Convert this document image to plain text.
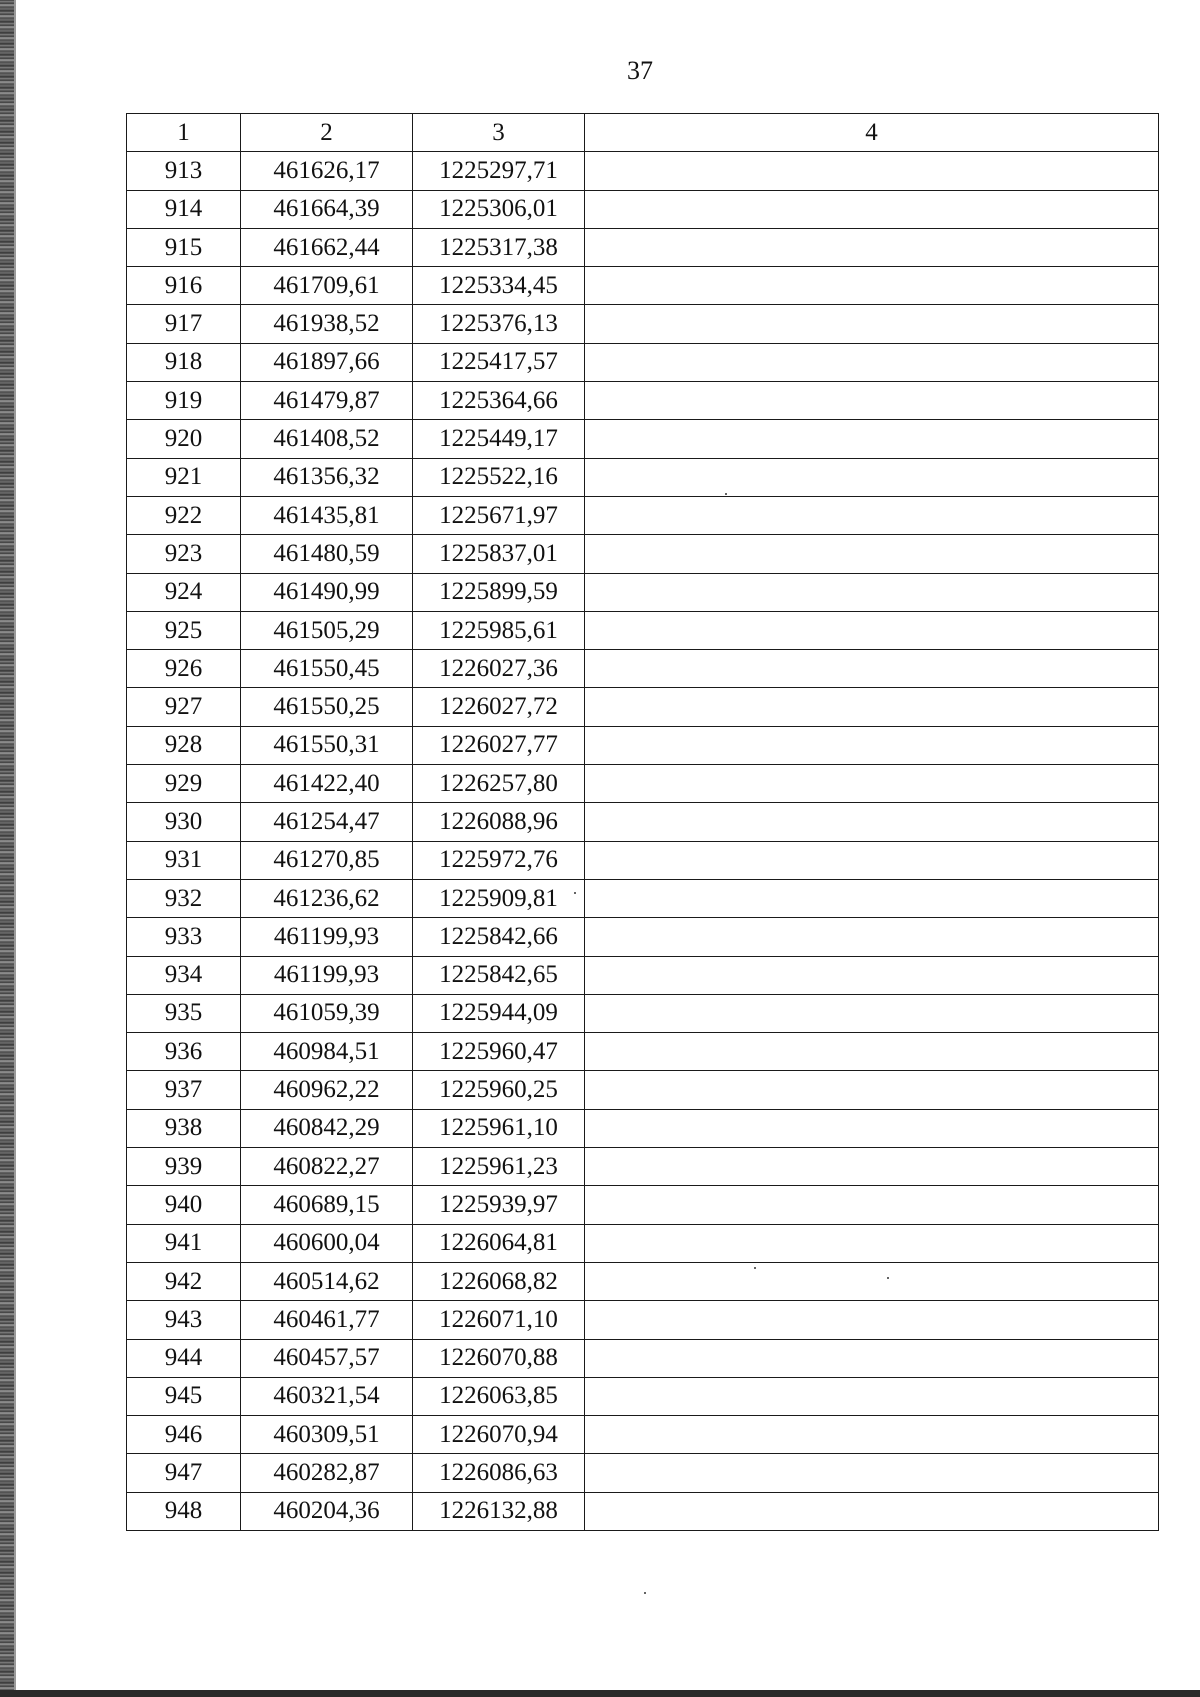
37
1	2	3	4
913	461626,17	1225297,71	
914	461664,39	1225306,01	
915	461662,44	1225317,38	
916	461709,61	1225334,45	
917	461938,52	1225376,13	
918	461897,66	1225417,57	
919	461479,87	1225364,66	
920	461408,52	1225449,17	
921	461356,32	1225522,16	
922	461435,81	1225671,97	
923	461480,59	1225837,01	
924	461490,99	1225899,59	
925	461505,29	1225985,61	
926	461550,45	1226027,36	
927	461550,25	1226027,72	
928	461550,31	1226027,77	
929	461422,40	1226257,80	
930	461254,47	1226088,96	
931	461270,85	1225972,76	
932	461236,62	1225909,81	
933	461199,93	1225842,66	
934	461199,93	1225842,65	
935	461059,39	1225944,09	
936	460984,51	1225960,47	
937	460962,22	1225960,25	
938	460842,29	1225961,10	
939	460822,27	1225961,23	
940	460689,15	1225939,97	
941	460600,04	1226064,81	
942	460514,62	1226068,82	
943	460461,77	1226071,10	
944	460457,57	1226070,88	
945	460321,54	1226063,85	
946	460309,51	1226070,94	
947	460282,87	1226086,63	
948	460204,36	1226132,88	
